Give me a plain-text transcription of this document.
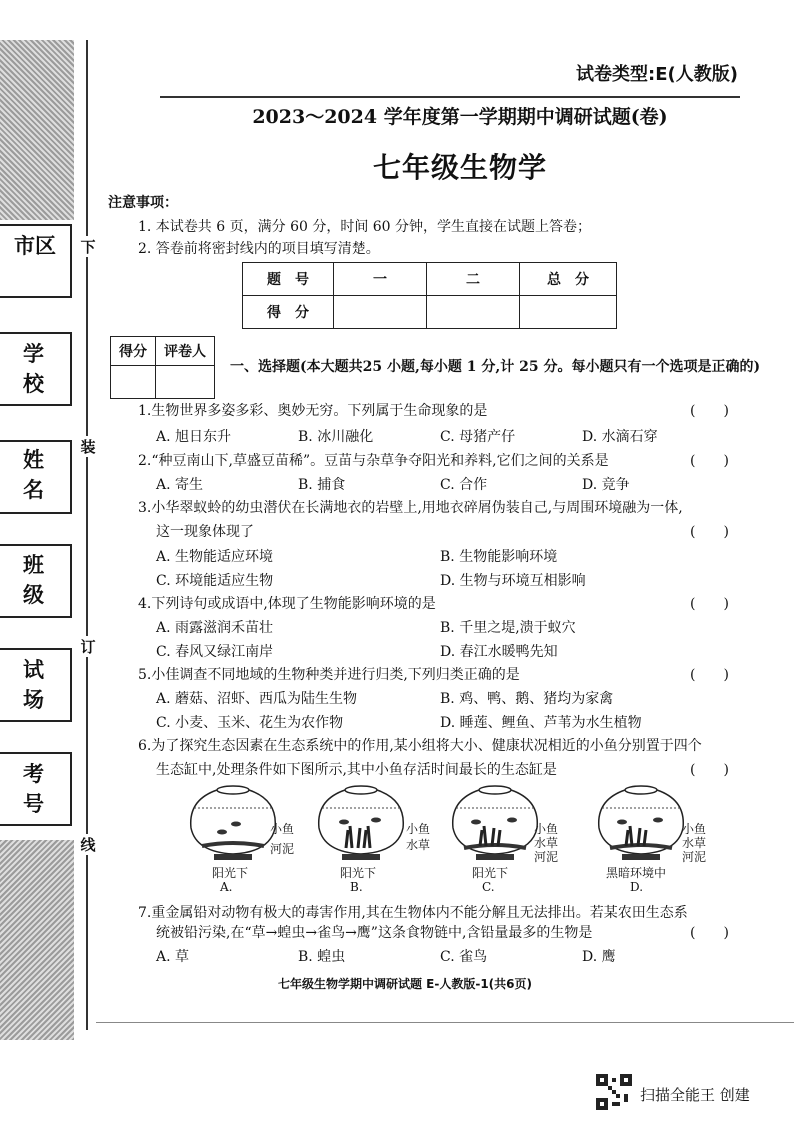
市区
学校
姓名
班级
试场
考号
下
装
订
线
试卷类型:E(人教版)
2023～2024 学年度第一学期期中调研试题(卷)
七年级生物学
注意事项：
1. 本试卷共 6 页，满分 60 分，时间 60 分钟，学生直接在试题上答卷；
2. 答卷前将密封线内的项目填写清楚。
题　号	一	二	总　分
得　分			
得分	评卷人

一、选择题(本大题共25 小题,每小题 1 分,计 25 分。每小题只有一个选项是正确的)
1.生物世界多姿多彩、奥妙无穷。下列属于生命现象的是	(　　)
A. 旭日东升	B. 冰川融化	C. 母猪产仔	D. 水滴石穿
2.“种豆南山下,草盛豆苗稀”。豆苗与杂草争夺阳光和养料,它们之间的关系是	(　　)
A. 寄生	B. 捕食	C. 合作	D. 竞争
3.小华翠蚁蛉的幼虫潜伏在长满地衣的岩壁上,用地衣碎屑伪装自己,与周围环境融为一体,
这一现象体现了	(　　)
A. 生物能适应环境	B. 生物能影响环境
C. 环境能适应生物	D. 生物与环境互相影响
4.下列诗句或成语中,体现了生物能影响环境的是	(　　)
A. 雨露滋润禾苗壮	B. 千里之堤,溃于蚁穴
C. 春风又绿江南岸	D. 春江水暖鸭先知
5.小佳调查不同地域的生物种类并进行归类,下列归类正确的是	(　　)
A. 蘑菇、沼虾、西瓜为陆生生物	B. 鸡、鸭、鹅、猪均为家禽
C. 小麦、玉米、花生为农作物	D. 睡莲、鲤鱼、芦苇为水生植物
6.为了探究生态因素在生态系统中的作用,某小组将大小、健康状况相近的小鱼分别置于四个
生态缸中,处理条件如下图所示,其中小鱼存活时间最长的生态缸是	(　　)
小鱼
河泥
阳光下
A.
小鱼
水草
阳光下
B.
小鱼
水草
河泥
阳光下
C.
小鱼
水草
河泥
黑暗环境中
D.
7.重金属铅对动物有极大的毒害作用,其在生物体内不能分解且无法排出。若某农田生态系
统被铅污染,在“草→蝗虫→雀鸟→鹰”这条食物链中,含铅量最多的生物是	(　　)
A. 草	B. 蝗虫	C. 雀鸟	D. 鹰
七年级生物学期中调研试题 E-人教版-1(共6页)
扫描全能王 创建
